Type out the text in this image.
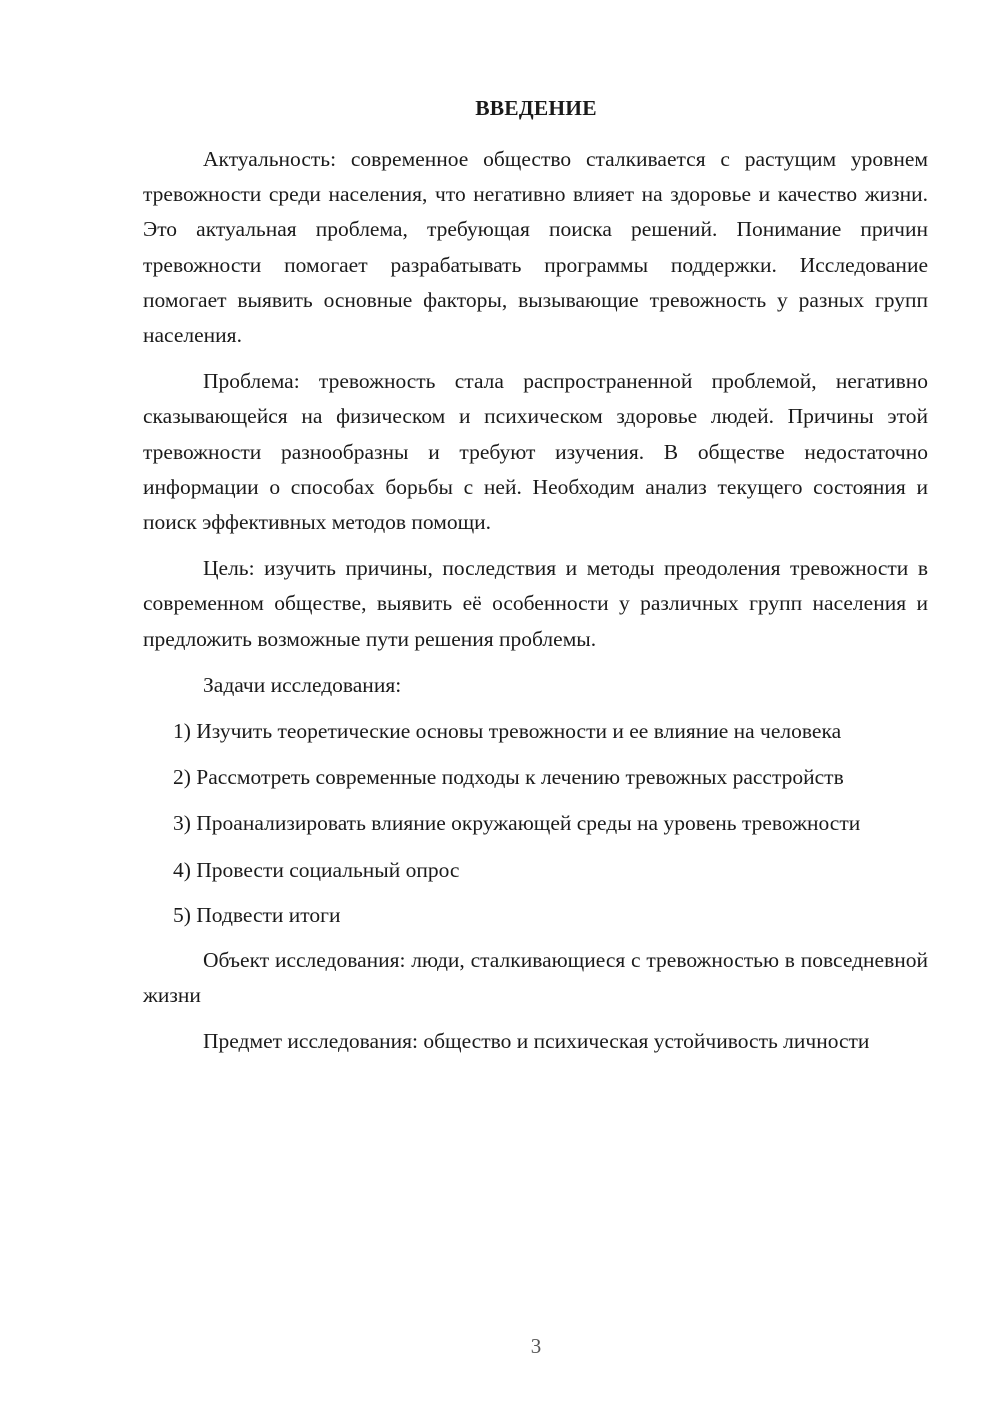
ВВЕДЕНИЕ

Актуальность: современное общество сталкивается с растущим уровнем тревожности среди населения, что негативно влияет на здоровье и качество жизни. Это актуальная проблема, требующая поиска решений. Понимание причин тревожности помогает разрабатывать программы поддержки. Исследование помогает выявить основные факторы, вызывающие тревожность у разных групп населения.

Проблема: тревожность стала распространенной проблемой, негативно сказывающейся на физическом и психическом здоровье людей. Причины этой тревожности разнообразны и требуют изучения. В обществе недостаточно информации о способах борьбы с ней. Необходим анализ текущего состояния и поиск эффективных методов помощи.

Цель: изучить причины, последствия и методы преодоления тревожности в современном обществе, выявить её особенности у различных групп населения и предложить возможные пути решения проблемы.

Задачи исследования:

1) Изучить теоретические основы тревожности и ее влияние на человека

2) Рассмотреть современные подходы к лечению тревожных расстройств

3) Проанализировать влияние окружающей среды на уровень тревожности

4) Провести социальный опрос

5) Подвести итоги

Объект исследования: люди, сталкивающиеся с тревожностью в повседневной жизни

Предмет исследования: общество и психическая устойчивость личности

3
